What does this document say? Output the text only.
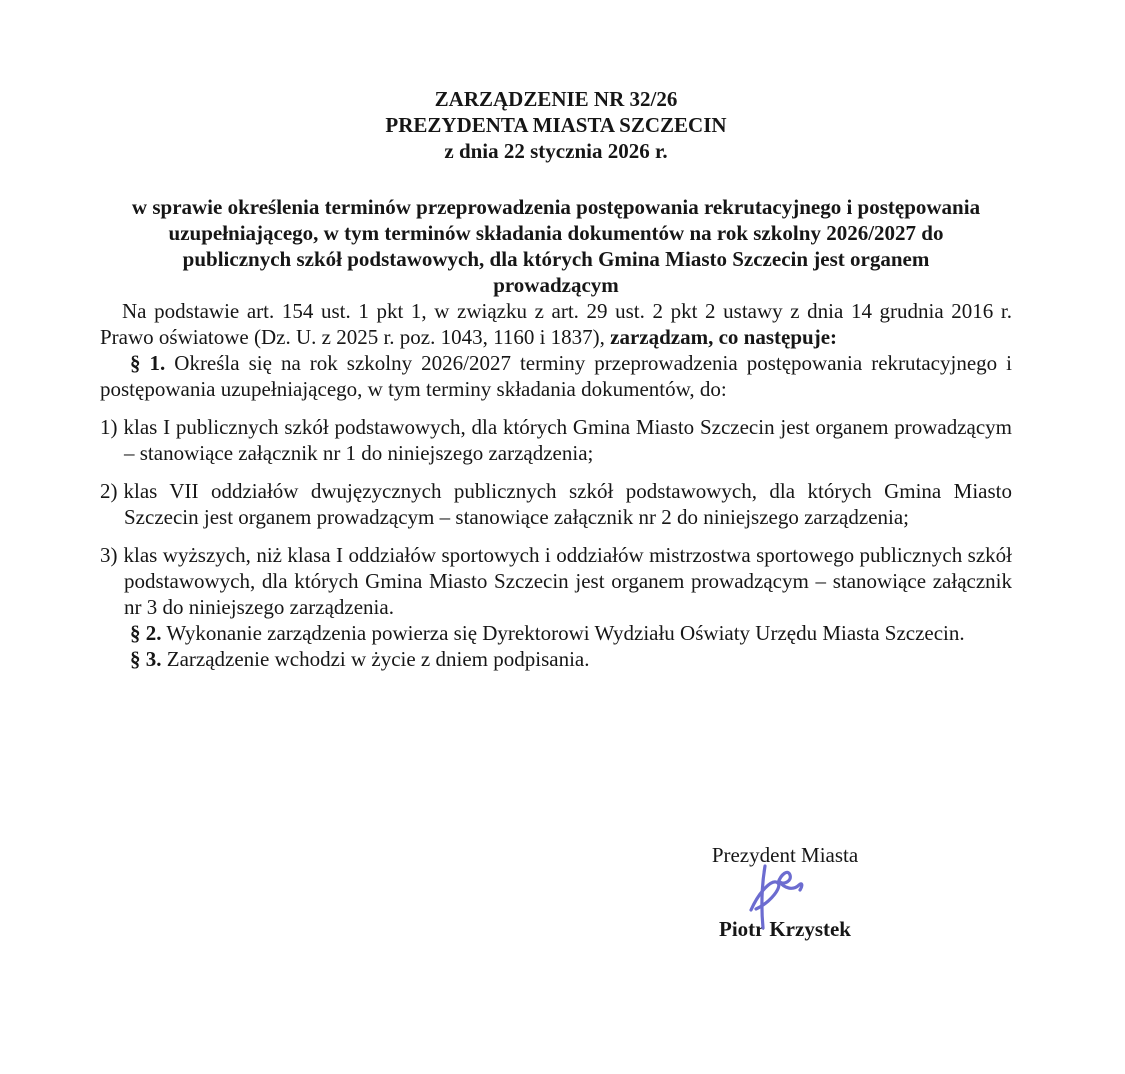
ZARZĄDZENIE NR 32/26
PREZYDENTA MIASTA SZCZECIN
z dnia 22 stycznia 2026 r.
w sprawie określenia terminów przeprowadzenia postępowania rekrutacyjnego i postępowania
uzupełniającego, w tym terminów składania dokumentów na rok szkolny 2026/2027 do
publicznych szkół podstawowych, dla których Gmina Miasto Szczecin jest organem
prowadzącym

Na podstawie art. 154 ust. 1 pkt 1, w związku z art. 29 ust. 2 pkt 2 ustawy z dnia 14 grudnia 2016 r. Prawo oświatowe (Dz. U. z 2025 r. poz. 1043, 1160 i 1837), zarządzam, co następuje:

§ 1. Określa się na rok szkolny 2026/2027 terminy przeprowadzenia postępowania rekrutacyjnego i postępowania uzupełniającego, w tym terminy składania dokumentów, do:

1) klas I publicznych szkół podstawowych, dla których Gmina Miasto Szczecin jest organem prowadzącym – stanowiące załącznik nr 1 do niniejszego zarządzenia;
2) klas VII oddziałów dwujęzycznych publicznych szkół podstawowych, dla których Gmina Miasto Szczecin jest organem prowadzącym – stanowiące załącznik nr 2 do niniejszego zarządzenia;
3) klas wyższych, niż klasa I oddziałów sportowych i oddziałów mistrzostwa sportowego publicznych szkół podstawowych, dla których Gmina Miasto Szczecin jest organem prowadzącym – stanowiące załącznik nr 3 do niniejszego zarządzenia.

§ 2. Wykonanie zarządzenia powierza się Dyrektorowi Wydziału Oświaty Urzędu Miasta Szczecin.

§ 3. Zarządzenie wchodzi w życie z dniem podpisania.

Prezydent Miasta
Piotr Krzystek
